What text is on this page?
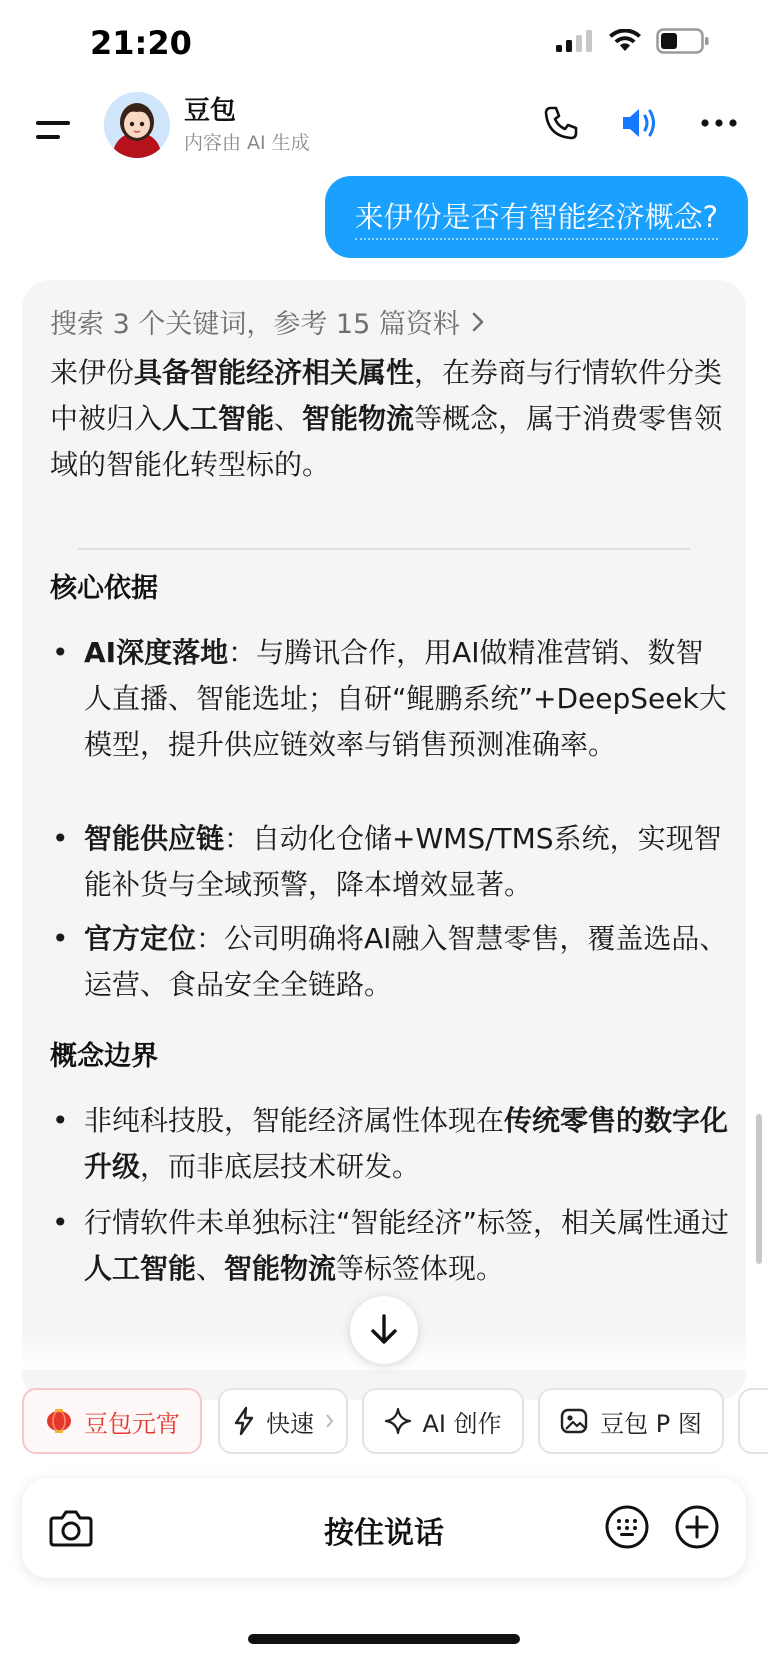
21:20
豆包
内容由 AI 生成
来伊份是否有智能经济概念?
搜索 3 个关键词，参考 15 篇资料
来伊份具备智能经济相关属性，在券商与行情软件分类中被归入人工智能、智能物流等概念，属于消费零售领域的智能化转型标的。
核心依据
• AI深度落地：与腾讯合作，用AI做精准营销、数智人直播、智能选址；自研“鲲鹏系统”+DeepSeek大模型，提升供应链效率与销售预测准确率。
• 智能供应链：自动化仓储+WMS/TMS系统，实现智能补货与全域预警，降本增效显著。
• 官方定位：公司明确将AI融入智慧零售，覆盖选品、运营、食品安全全链路。
概念边界
• 非纯科技股，智能经济属性体现在传统零售的数字化升级，而非底层技术研发。
• 行情软件未单独标注“智能经济”标签，相关属性通过人工智能、智能物流等标签体现。
豆包元宵	快速	AI 创作	豆包 P 图
按住说话
